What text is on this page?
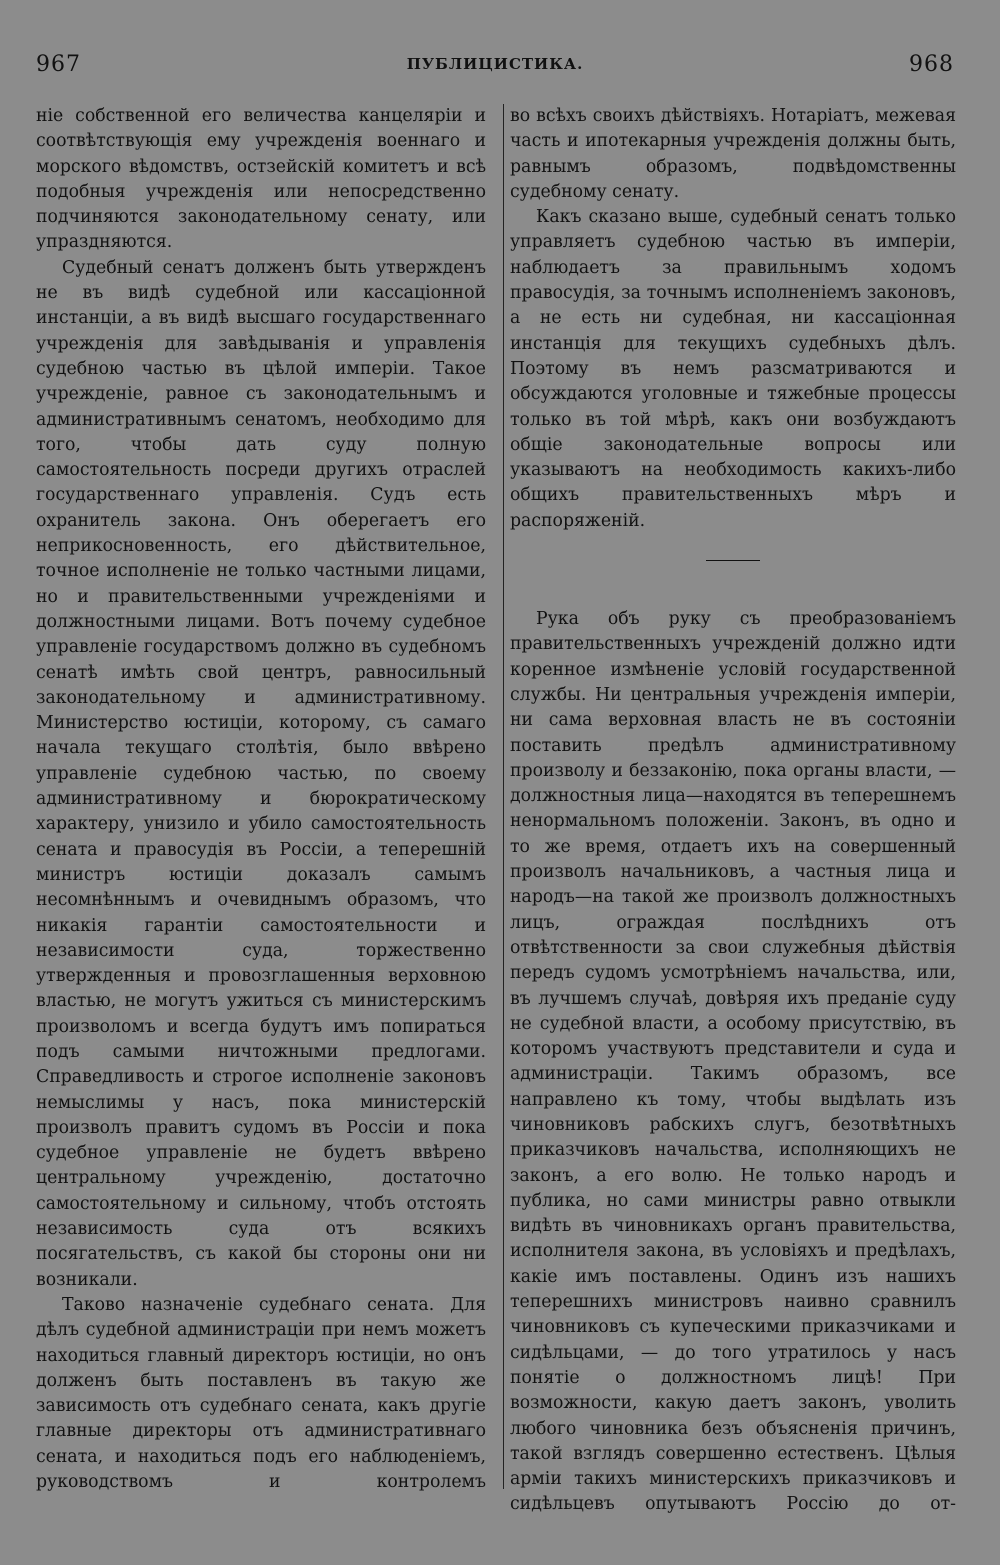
967	ПУБЛИЦИСТИКА.	968

ніе собственной его величества канцеляріи и соотвѣтствующія ему учрежденія военнаго и морского вѣдомствъ, остзейскій комитетъ и всѣ подобныя учрежденія или непосредственно подчиняются законодательному сенату, или упраздняются.

Судебный сенатъ долженъ быть утвержденъ не въ видѣ судебной или кассаціонной инстанціи, а въ видѣ высшаго государственнаго учрежденія для завѣдыванія и управленія судебною частью въ цѣлой имперіи. Такое учрежденіе, равное съ законодательнымъ и административнымъ сенатомъ, необходимо для того, чтобы дать суду полную самостоятельность посреди другихъ отраслей государственнаго управленія. Судъ есть охранитель закона. Онъ оберегаетъ его неприкосновенность, его дѣйствительное, точное исполненіе не только частными лицами, но и правительственными учрежденіями и должностными лицами. Вотъ почему судебное управленіе государствомъ должно въ судебномъ сенатѣ имѣть свой центръ, равносильный законодательному и административному. Министерство юстиціи, которому, съ самаго начала текущаго столѣтія, было ввѣрено управленіе судебною частью, по своему административному и бюрократическому характеру, унизило и убило самостоятельность сената и правосудія въ Россіи, а теперешній министръ юстиціи доказалъ самымъ несомнѣннымъ и очевиднымъ образомъ, что никакія гарантіи самостоятельности и независимости суда, торжественно утвержденныя и провозглашенныя верховною властью, не могутъ ужиться съ министерскимъ произволомъ и всегда будутъ имъ попираться подъ самыми ничтожными предлогами. Справедливость и строгое исполненіе законовъ немыслимы у насъ, пока министерскій произволъ правитъ судомъ въ Россіи и пока судебное управленіе не будетъ ввѣрено центральному учрежденію, достаточно самостоятельному и сильному, чтобъ отстоять независимость суда отъ всякихъ посягательствъ, съ какой бы стороны они ни возникали.

Таково назначеніе судебнаго сената. Для дѣлъ судебной администраціи при немъ можетъ находиться главный директоръ юстиціи, но онъ долженъ быть поставленъ въ такую же зависимость отъ судебнаго сената, какъ другіе главные директоры отъ административнаго сената, и находиться подъ его наблюденіемъ, руководствомъ и контролемъ

во всѣхъ своихъ дѣйствіяхъ. Нотаріатъ, межевая часть и ипотекарныя учрежденія должны быть, равнымъ образомъ, подвѣдомственны судебному сенату.

Какъ сказано выше, судебный сенатъ только управляетъ судебною частью въ имперіи, наблюдаетъ за правильнымъ ходомъ правосудія, за точнымъ исполненіемъ законовъ, а не есть ни судебная, ни кассаціонная инстанція для текущихъ судебныхъ дѣлъ. Поэтому въ немъ разсматриваются и обсуждаются уголовные и тяжебные процессы только въ той мѣрѣ, какъ они возбуждаютъ общіе законодательные вопросы или указываютъ на необходимость какихъ-либо общихъ правительственныхъ мѣръ и распоряженій.

Рука объ руку съ преобразованіемъ правительственныхъ учрежденій должно идти коренное измѣненіе условій государственной службы. Ни центральныя учрежденія имперіи, ни сама верховная власть не въ состояніи поставить предѣлъ административному произволу и беззаконію, пока органы власти, — должностныя лица—находятся въ теперешнемъ ненормальномъ положеніи. Законъ, въ одно и то же время, отдаетъ ихъ на совершенный произволъ начальниковъ, а частныя лица и народъ—на такой же произволъ должностныхъ лицъ, ограждая послѣднихъ отъ отвѣтственности за свои служебныя дѣйствія передъ судомъ усмотрѣніемъ начальства, или, въ лучшемъ случаѣ, довѣряя ихъ преданіе суду не судебной власти, а особому присутствію, въ которомъ участвуютъ представители и суда и администраціи. Такимъ образомъ, все направлено къ тому, чтобы выдѣлать изъ чиновниковъ рабскихъ слугъ, безотвѣтныхъ приказчиковъ начальства, исполняющихъ не законъ, а его волю. Не только народъ и публика, но сами министры равно отвыкли видѣть въ чиновникахъ органъ правительства, исполнителя закона, въ условіяхъ и предѣлахъ, какіе имъ поставлены. Одинъ изъ нашихъ теперешнихъ министровъ наивно сравнилъ чиновниковъ съ купеческими приказчиками и сидѣльцами, — до того утратилось у насъ понятіе о должностномъ лицѣ! При возможности, какую даетъ законъ, уволить любого чиновника безъ объясненія причинъ, такой взглядъ совершенно естественъ. Цѣлыя арміи такихъ министерскихъ приказчиковъ и сидѣльцевъ опутываютъ Россію до от-
